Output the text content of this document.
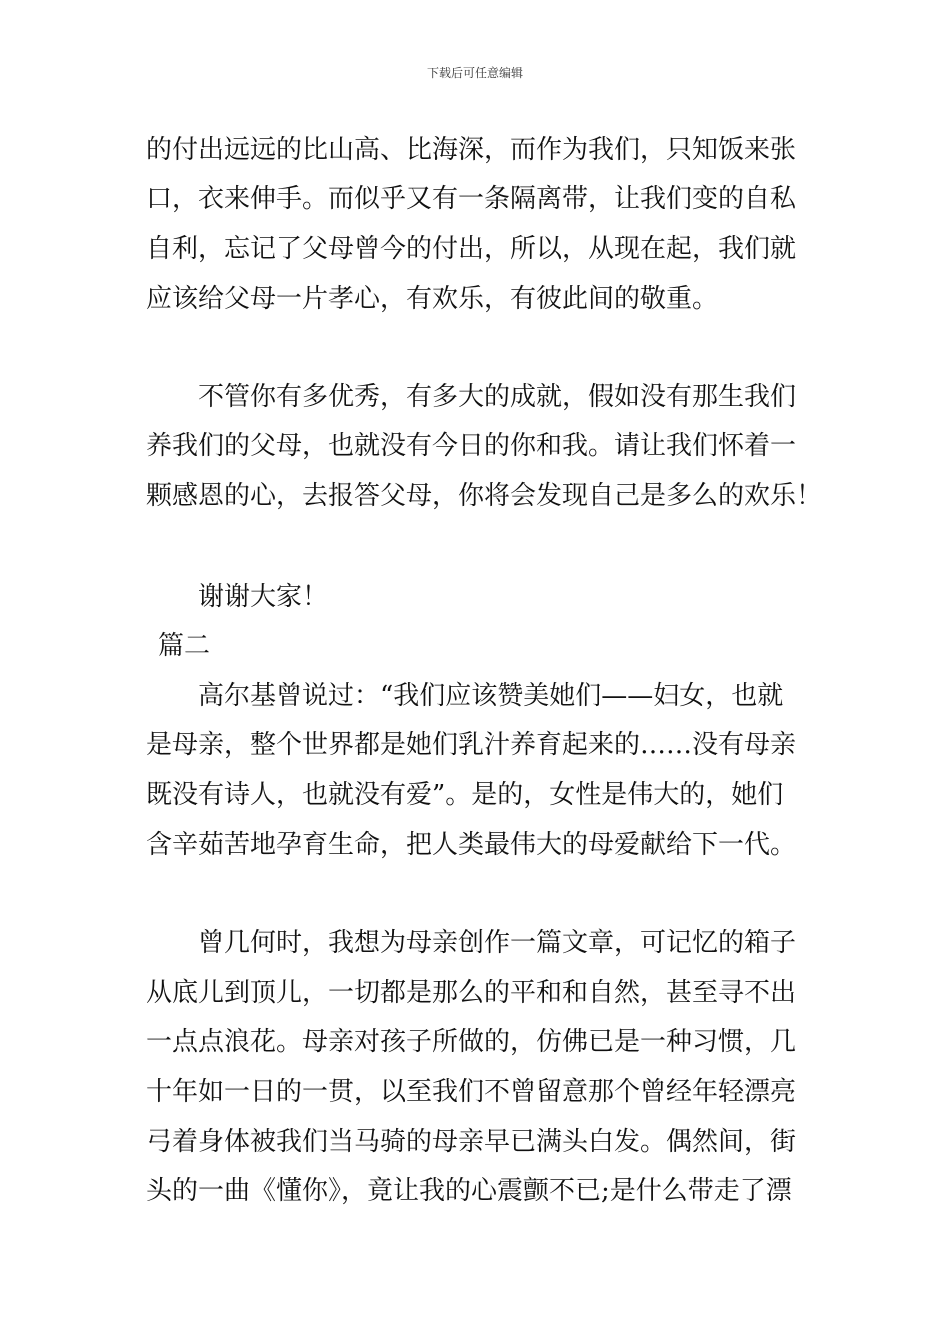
下载后可任意编辑
的付出远远的比山高、比海深，而作为我们，只知饭来张
口，衣来伸手。而似乎又有一条隔离带，让我们变的自私
自利，忘记了父母曾今的付出，所以，从现在起，我们就
应该给父母一片孝心，有欢乐，有彼此间的敬重。
不管你有多优秀，有多大的成就，假如没有那生我们
养我们的父母，也就没有今日的你和我。请让我们怀着一
颗感恩的心，去报答父母，你将会发现自己是多么的欢乐！
谢谢大家！
篇二
高尔基曾说过：“我们应该赞美她们——妇女，也就
是母亲，整个世界都是她们乳汁养育起来的……没有母亲
既没有诗人，也就没有爱”。是的，女性是伟大的，她们
含辛茹苦地孕育生命，把人类最伟大的母爱献给下一代。
曾几何时，我想为母亲创作一篇文章，可记忆的箱子
从底儿到顶儿，一切都是那么的平和和自然，甚至寻不出
一点点浪花。母亲对孩子所做的，仿佛已是一种习惯，几
十年如一日的一贯，以至我们不曾留意那个曾经年轻漂亮
弓着身体被我们当马骑的母亲早已满头白发。偶然间，街
头的一曲《懂你》，竟让我的心震颤不已;是什么带走了漂
